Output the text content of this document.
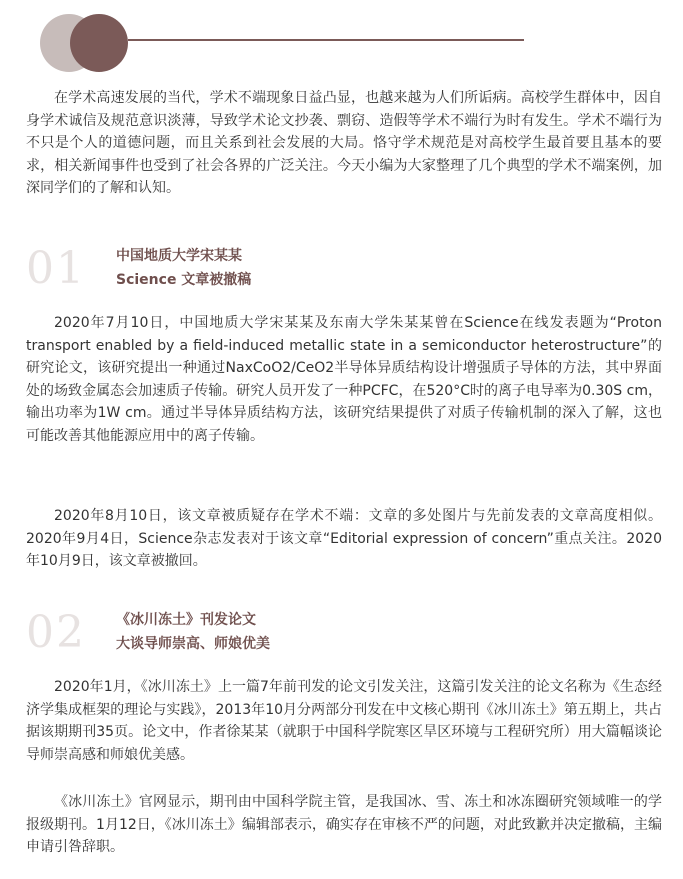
在学术高速发展的当代，学术不端现象日益凸显，也越来越为人们所诟病。高校学生群体中，因自身学术诚信及规范意识淡薄，导致学术论文抄袭、剽窃、造假等学术不端行为时有发生。学术不端行为不只是个人的道德问题，而且关系到社会发展的大局。恪守学术规范是对高校学生最首要且基本的要求，相关新闻事件也受到了社会各界的广泛关注。今天小编为大家整理了几个典型的学术不端案例，加深同学们的了解和认知。

01 中国地质大学宋某某

Science 文章被撤稿

2020年7月10日，中国地质大学宋某某及东南大学朱某某曾在Science在线发表题为“Proton transport enabled by a field-induced metallic state in a semiconductor heterostructure”的研究论文，该研究提出一种通过NaxCoO2/CeO2半导体异质结构设计增强质子导体的方法，其中界面处的场致金属态会加速质子传输。研究人员开发了一种PCFC，在520°C时的离子电导率为0.30S cm，输出功率为1W cm。通过半导体异质结构方法，该研究结果提供了对质子传输机制的深入了解，这也可能改善其他能源应用中的离子传输。

2020年8月10日，该文章被质疑存在学术不端：文章的多处图片与先前发表的文章高度相似。2020年9月4日，Science杂志发表对于该文章“Editorial expression of concern”重点关注。2020年10月9日，该文章被撤回。

02 《冰川冻土》刊发论文

大谈导师崇高、师娘优美

2020年1月，《冰川冻土》上一篇7年前刊发的论文引发关注，这篇引发关注的论文名称为《生态经济学集成框架的理论与实践》，2013年10月分两部分刊发在中文核心期刊《冰川冻土》第五期上，共占据该期期刊35页。论文中，作者徐某某（就职于中国科学院寒区旱区环境与工程研究所）用大篇幅谈论导师崇高感和师娘优美感。

《冰川冻土》官网显示，期刊由中国科学院主管，是我国冰、雪、冻土和冰冻圈研究领域唯一的学报级期刊。1月12日，《冰川冻土》编辑部表示，确实存在审核不严的问题，对此致歉并决定撤稿，主编申请引咎辞职。
